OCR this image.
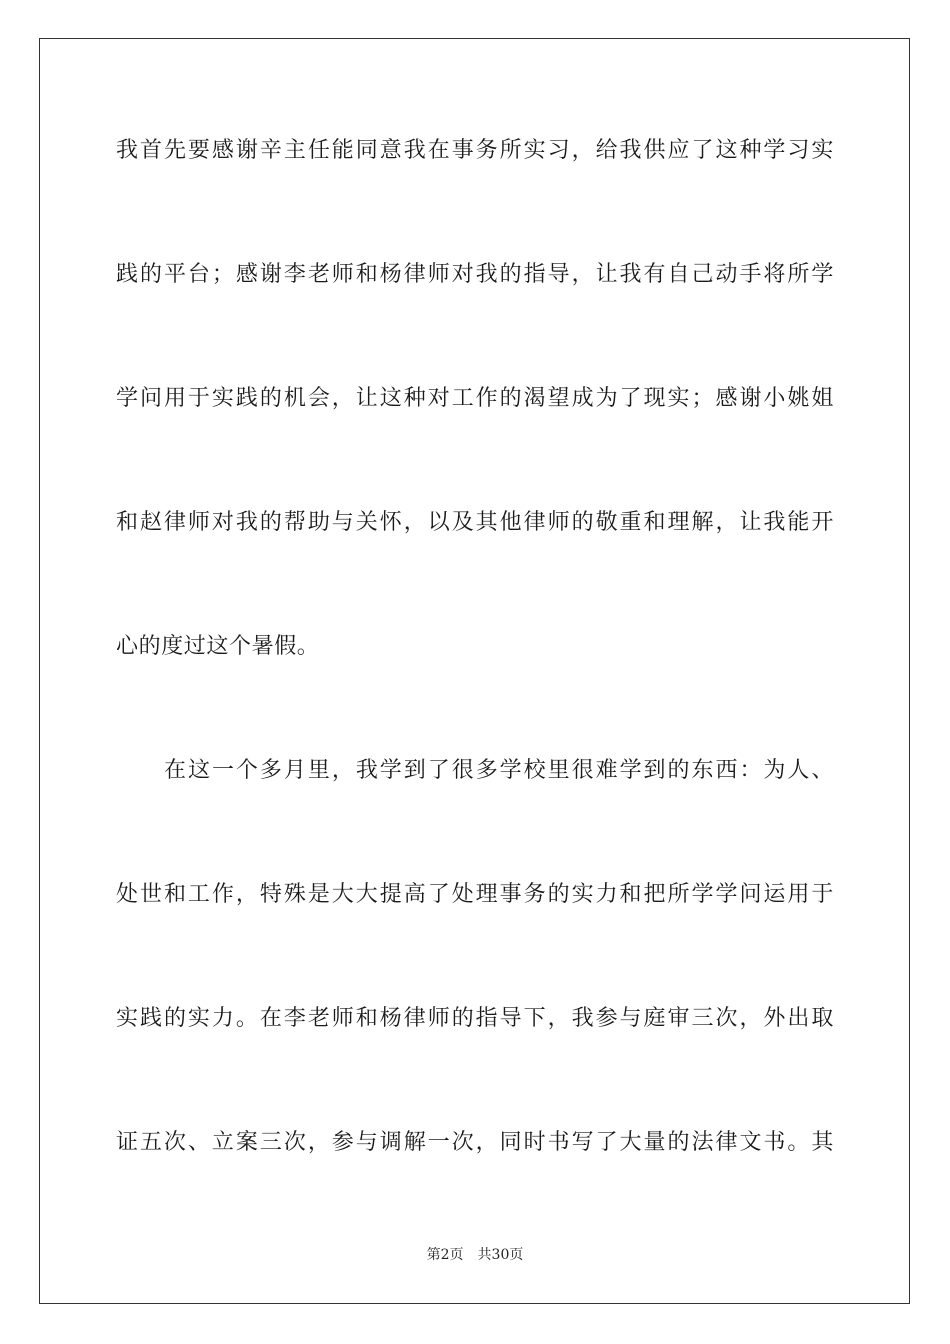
我首先要感谢辛主任能同意我在事务所实习，给我供应了这种学习实
践的平台；感谢李老师和杨律师对我的指导，让我有自己动手将所学
学问用于实践的机会，让这种对工作的渴望成为了现实；感谢小姚姐
和赵律师对我的帮助与关怀，以及其他律师的敬重和理解，让我能开
心的度过这个暑假。
在这一个多月里，我学到了很多学校里很难学到的东西：为人、
处世和工作，特殊是大大提高了处理事务的实力和把所学学问运用于
实践的实力。在李老师和杨律师的指导下，我参与庭审三次，外出取
证五次、立案三次，参与调解一次，同时书写了大量的法律文书。其
第2页 共30页
